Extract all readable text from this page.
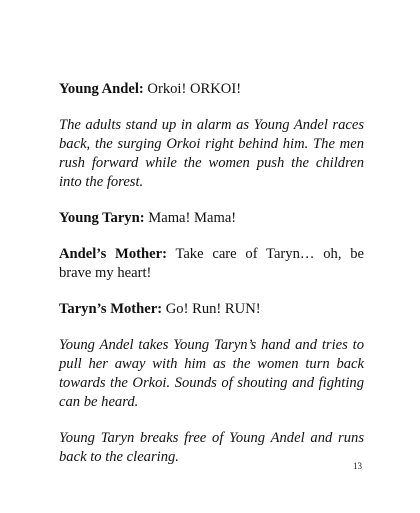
Young Andel: Orkoi! ORKOI!

The adults stand up in alarm as Young Andel races back, the surging Orkoi right behind him. The men rush forward while the women push the children into the forest.

Young Taryn: Mama! Mama!

Andel’s Mother: Take care of Taryn… oh, be brave my heart!

Taryn’s Mother: Go! Run! RUN!

Young Andel takes Young Taryn’s hand and tries to pull her away with him as the women turn back towards the Orkoi. Sounds of shouting and fighting can be heard.

Young Taryn breaks free of Young Andel and runs back to the clearing.

13
